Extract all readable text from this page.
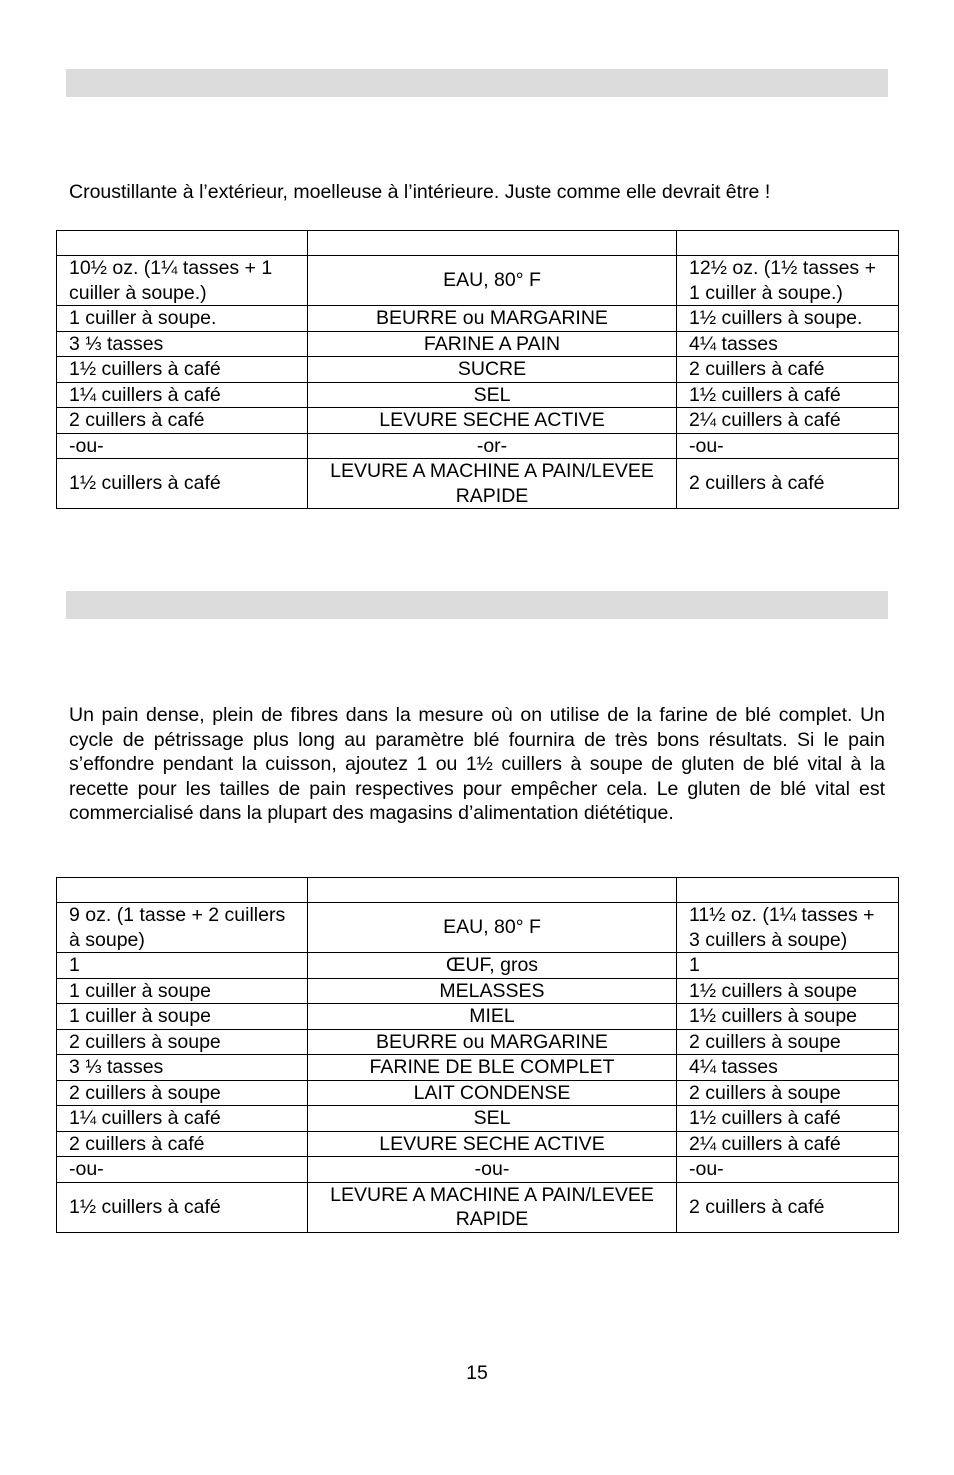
Croustillante à l’extérieur, moelleuse à l’intérieure. Juste comme elle devrait être !

10½ oz. (1¼ tasses + 1 cuiller à soupe.)	EAU, 80° F	12½ oz. (1½ tasses + 1 cuiller à soupe.)
1 cuiller à soupe.	BEURRE ou MARGARINE	1½ cuillers à soupe.
3 ⅓ tasses	FARINE A PAIN	4¼ tasses
1½ cuillers à café	SUCRE	2 cuillers à café
1¼ cuillers à café	SEL	1½ cuillers à café
2 cuillers à café	LEVURE SECHE ACTIVE	2¼ cuillers à café
-ou-	-or-	-ou-
1½ cuillers à café	LEVURE A MACHINE A PAIN/LEVEE RAPIDE	2 cuillers à café

Un pain dense, plein de fibres dans la mesure où on utilise de la farine de blé complet. Un cycle de pétrissage plus long au paramètre blé fournira de très bons résultats. Si le pain s’effondre pendant la cuisson, ajoutez 1 ou 1½ cuillers à soupe de gluten de blé vital à la recette pour les tailles de pain respectives pour empêcher cela. Le gluten de blé vital est commercialisé dans la plupart des magasins d’alimentation diététique.

9 oz. (1 tasse + 2 cuillers à soupe)	EAU, 80° F	11½ oz. (1¼ tasses + 3 cuillers à soupe)
1	ŒUF, gros	1
1 cuiller à soupe	MELASSES	1½ cuillers à soupe
1 cuiller à soupe	MIEL	1½ cuillers à soupe
2 cuillers à soupe	BEURRE ou MARGARINE	2 cuillers à soupe
3 ⅓ tasses	FARINE DE BLE COMPLET	4¼ tasses
2 cuillers à soupe	LAIT CONDENSE	2 cuillers à soupe
1¼ cuillers à café	SEL	1½ cuillers à café
2 cuillers à café	LEVURE SECHE ACTIVE	2¼ cuillers à café
-ou-	-ou-	-ou-
1½ cuillers à café	LEVURE A MACHINE A PAIN/LEVEE RAPIDE	2 cuillers à café
15
